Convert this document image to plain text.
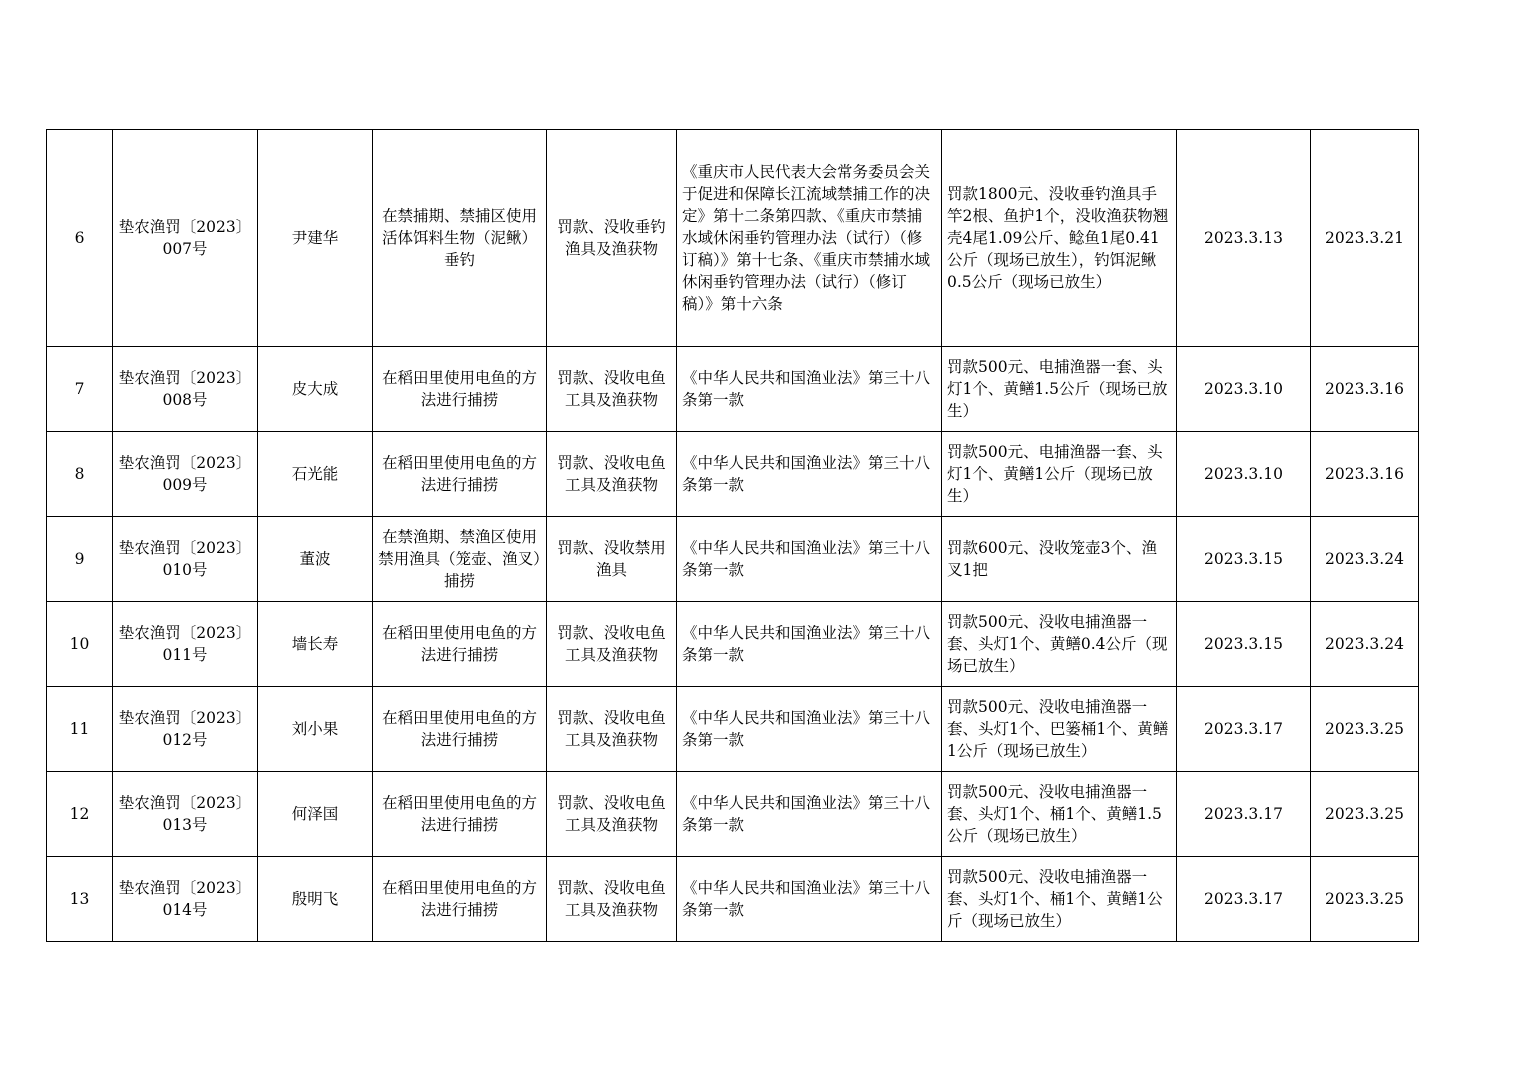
6	垫农渔罚〔2023〕007号	尹建华	在禁捕期、禁捕区使用活体饵料生物（泥鳅）垂钓	罚款、没收垂钓渔具及渔获物	《重庆市人民代表大会常务委员会关于促进和保障长江流域禁捕工作的决定》第十二条第四款、《重庆市禁捕水域休闲垂钓管理办法（试行）（修订稿）》第十七条、《重庆市禁捕水域休闲垂钓管理办法（试行）（修订稿）》第十六条	罚款1800元、没收垂钓渔具手竿2根、鱼护1个，没收渔获物翘壳4尾1.09公斤、鲶鱼1尾0.41公斤（现场已放生），钓饵泥鳅0.5公斤（现场已放生）	2023.3.13	2023.3.21
7	垫农渔罚〔2023〕008号	皮大成	在稻田里使用电鱼的方法进行捕捞	罚款、没收电鱼工具及渔获物	《中华人民共和国渔业法》第三十八条第一款	罚款500元、电捕渔器一套、头灯1个、黄鳝1.5公斤（现场已放生）	2023.3.10	2023.3.16
8	垫农渔罚〔2023〕009号	石光能	在稻田里使用电鱼的方法进行捕捞	罚款、没收电鱼工具及渔获物	《中华人民共和国渔业法》第三十八条第一款	罚款500元、电捕渔器一套、头灯1个、黄鳝1公斤（现场已放生）	2023.3.10	2023.3.16
9	垫农渔罚〔2023〕010号	董波	在禁渔期、禁渔区使用禁用渔具（笼壶、渔叉）捕捞	罚款、没收禁用渔具	《中华人民共和国渔业法》第三十八条第一款	罚款600元、没收笼壶3个、渔叉1把	2023.3.15	2023.3.24
10	垫农渔罚〔2023〕011号	墙长寿	在稻田里使用电鱼的方法进行捕捞	罚款、没收电鱼工具及渔获物	《中华人民共和国渔业法》第三十八条第一款	罚款500元、没收电捕渔器一套、头灯1个、黄鳝0.4公斤（现场已放生）	2023.3.15	2023.3.24
11	垫农渔罚〔2023〕012号	刘小果	在稻田里使用电鱼的方法进行捕捞	罚款、没收电鱼工具及渔获物	《中华人民共和国渔业法》第三十八条第一款	罚款500元、没收电捕渔器一套、头灯1个、巴篓桶1个、黄鳝1公斤（现场已放生）	2023.3.17	2023.3.25
12	垫农渔罚〔2023〕013号	何泽国	在稻田里使用电鱼的方法进行捕捞	罚款、没收电鱼工具及渔获物	《中华人民共和国渔业法》第三十八条第一款	罚款500元、没收电捕渔器一套、头灯1个、桶1个、黄鳝1.5公斤（现场已放生）	2023.3.17	2023.3.25
13	垫农渔罚〔2023〕014号	殷明飞	在稻田里使用电鱼的方法进行捕捞	罚款、没收电鱼工具及渔获物	《中华人民共和国渔业法》第三十八条第一款	罚款500元、没收电捕渔器一套、头灯1个、桶1个、黄鳝1公斤（现场已放生）	2023.3.17	2023.3.25
